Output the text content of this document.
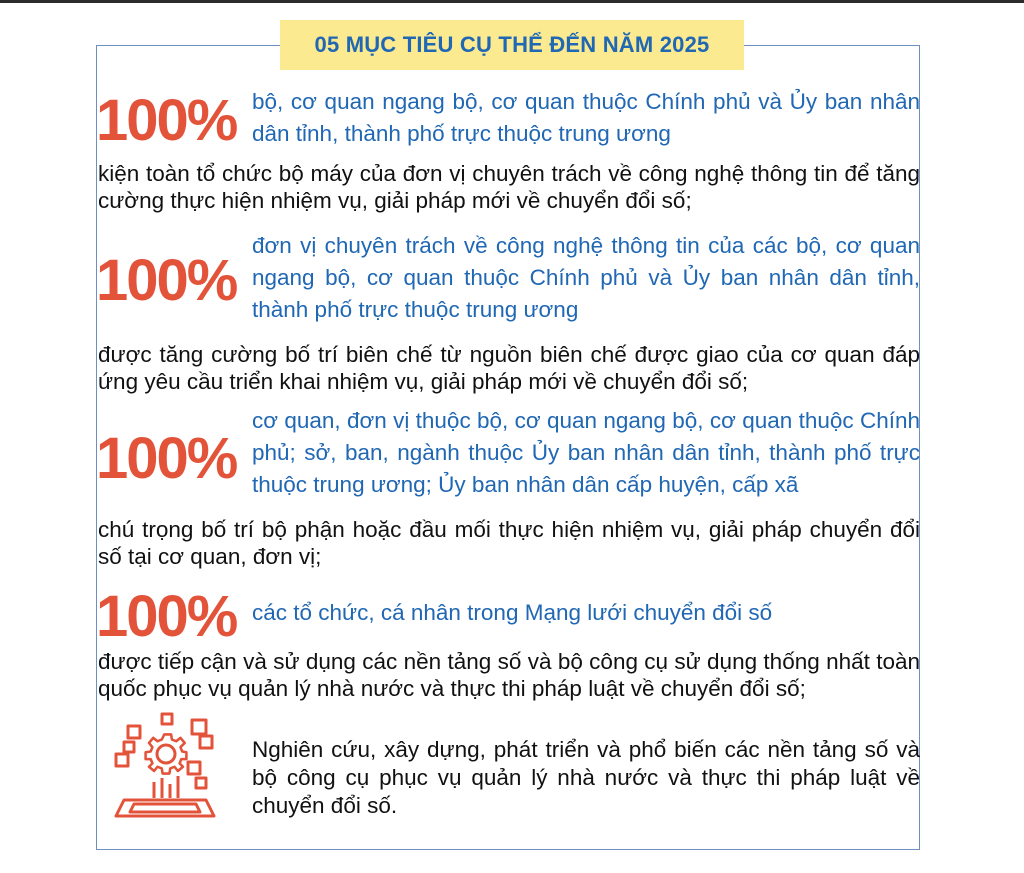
05 MỤC TIÊU CỤ THỂ ĐẾN NĂM 2025
100% bộ, cơ quan ngang bộ, cơ quan thuộc Chính phủ và Ủy ban nhân dân tỉnh, thành phố trực thuộc trung ương
kiện toàn tổ chức bộ máy của đơn vị chuyên trách về công nghệ thông tin để tăng cường thực hiện nhiệm vụ, giải pháp mới về chuyển đổi số;
100%
đơn vị chuyên trách về công nghệ thông tin của các bộ, cơ quan ngang bộ, cơ quan thuộc Chính phủ và Ủy ban nhân dân tỉnh, thành phố trực thuộc trung ương
được tăng cường bố trí biên chế từ nguồn biên chế được giao của cơ quan đáp ứng yêu cầu triển khai nhiệm vụ, giải pháp mới về chuyển đổi số;
100%
cơ quan, đơn vị thuộc bộ, cơ quan ngang bộ, cơ quan thuộc Chính phủ; sở, ban, ngành thuộc Ủy ban nhân dân tỉnh, thành phố trực thuộc trung ương; Ủy ban nhân dân cấp huyện, cấp xã
chú trọng bố trí bộ phận hoặc đầu mối thực hiện nhiệm vụ, giải pháp chuyển đổi số tại cơ quan, đơn vị;
100% các tổ chức, cá nhân trong Mạng lưới chuyển đổi số
được tiếp cận và sử dụng các nền tảng số và bộ công cụ sử dụng thống nhất toàn quốc phục vụ quản lý nhà nước và thực thi pháp luật về chuyển đổi số;
Nghiên cứu, xây dựng, phát triển và phổ biến các nền tảng số và bộ công cụ phục vụ quản lý nhà nước và thực thi pháp luật về chuyển đổi số.
